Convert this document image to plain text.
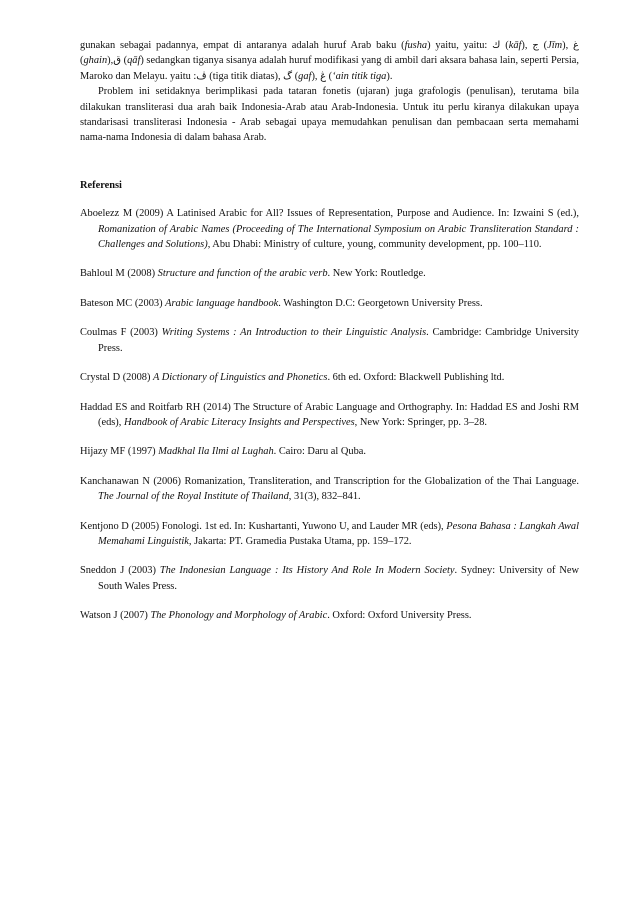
gunakan sebagai padannya, empat di antaranya adalah huruf Arab baku (fusha) yaitu, yaitu: ك (kāf), ج (Jīm), غ (ghain),ق (qāf) sedangkan tiganya sisanya adalah huruf modifikasi yang di ambil dari aksara bahasa lain, seperti Persia, Maroko dan Melayu. yaitu :ڤ (tiga titik diatas), گ (gaf), ڠ (‘ain titik tiga).

Problem ini setidaknya berimplikasi pada tataran fonetis (ujaran) juga grafologis (penulisan), terutama bila dilakukan transliterasi dua arah baik Indonesia-Arab atau Arab-Indonesia. Untuk itu perlu kiranya dilakukan upaya standarisasi transliterasi Indonesia - Arab sebagai upaya memudahkan penulisan dan pembacaan serta memahami nama-nama Indonesia di dalam bahasa Arab.

Referensi

Aboelezz M (2009) A Latinised Arabic for All? Issues of Representation, Purpose and Audience. In: Izwaini S (ed.), Romanization of Arabic Names (Proceeding of The International Symposium on Arabic Transliteration Standard : Challenges and Solutions), Abu Dhabi: Ministry of culture, young, community development, pp. 100–110.

Bahloul M (2008) Structure and function of the arabic verb. New York: Routledge.

Bateson MC (2003) Arabic language handbook. Washington D.C: Georgetown University Press.

Coulmas F (2003) Writing Systems : An Introduction to their Linguistic Analysis. Cambridge: Cambridge University Press.

Crystal D (2008) A Dictionary of Linguistics and Phonetics. 6th ed. Oxford: Blackwell Publishing ltd.

Haddad ES and Roitfarb RH (2014) The Structure of Arabic Language and Orthography. In: Haddad ES and Joshi RM (eds), Handbook of Arabic Literacy Insights and Perspectives, New York: Springer, pp. 3–28.

Hijazy MF (1997) Madkhal Ila Ilmi al Lughah. Cairo: Daru al Quba.

Kanchanawan N (2006) Romanization, Transliteration, and Transcription for the Globalization of the Thai Language. The Journal of the Royal Institute of Thailand, 31(3), 832–841.

Kentjono D (2005) Fonologi. 1st ed. In: Kushartanti, Yuwono U, and Lauder MR (eds), Pesona Bahasa : Langkah Awal Memahami Linguistik, Jakarta: PT. Gramedia Pustaka Utama, pp. 159–172.

Sneddon J (2003) The Indonesian Language : Its History And Role In Modern Society. Sydney: University of New South Wales Press.

Watson J (2007) The Phonology and Morphology of Arabic. Oxford: Oxford University Press.
